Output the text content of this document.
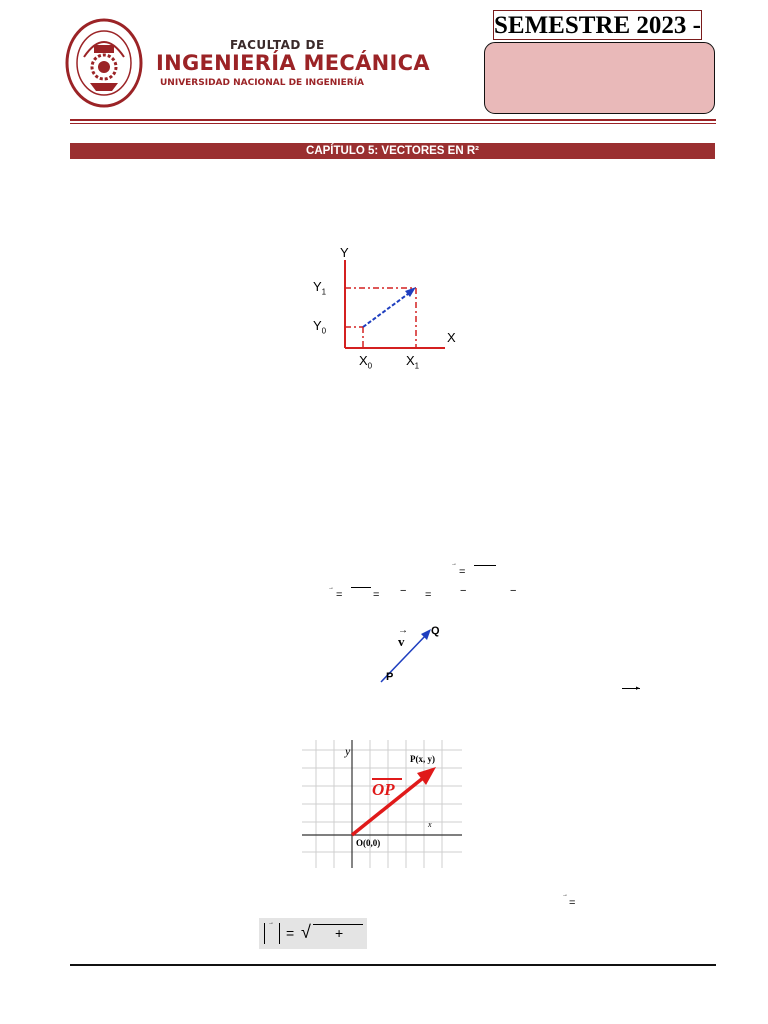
FACULTAD DE
INGENIERÍA MECÁNICA
UNIVERSIDAD NACIONAL DE INGENIERÍA
SEMESTRE 2023 -
CAPÍTULO 5: VECTORES EN R²
Y
X
$Y_1$
$Y_0$
$X_0$	$X_1$
→
=
→
=	= − =	−	−
→
v
Q
P
▸
y
x
P(x, y)
O(0,0)
OP
→
=
→
= √ +
